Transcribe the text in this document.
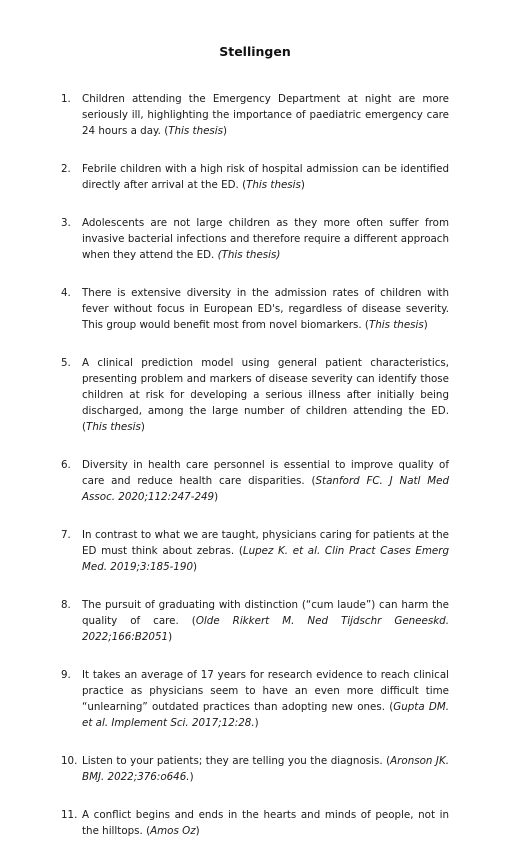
Stellingen
1.	Children attending the Emergency Department at night are more seriously ill, highlighting the importance of paediatric emergency care 24 hours a day. (This thesis)
2.	Febrile children with a high risk of hospital admission can be identified directly after arrival at the ED. (This thesis)
3.	Adolescents are not large children as they more often suffer from invasive bacterial infections and therefore require a different approach when they attend the ED. (This thesis)
4.	There is extensive diversity in the admission rates of children with fever without focus in European ED's, regardless of disease severity. This group would benefit most from novel biomarkers. (This thesis)
5.	A clinical prediction model using general patient characteristics, presenting problem and markers of disease severity can identify those children at risk for developing a serious illness after initially being discharged, among the large number of children attending the ED. (This thesis)
6.	Diversity in health care personnel is essential to improve quality of care and reduce health care disparities. (Stanford FC. J Natl Med Assoc. 2020;112:247-249)
7.	In contrast to what we are taught, physicians caring for patients at the ED must think about zebras. (Lupez K. et al. Clin Pract Cases Emerg Med. 2019;3:185-190)
8.	The pursuit of graduating with distinction (“cum laude”) can harm the quality of care. (Olde Rikkert M. Ned Tijdschr Geneeskd. 2022;166:B2051)
9.	It takes an average of 17 years for research evidence to reach clinical practice as physicians seem to have an even more difficult time “unlearning” outdated practices than adopting new ones. (Gupta DM. et al. Implement Sci. 2017;12:28.)
10. Listen to your patients; they are telling you the diagnosis. (Aronson JK. BMJ. 2022;376:o646.)
11. A conflict begins and ends in the hearts and minds of people, not in the hilltops. (Amos Oz)
